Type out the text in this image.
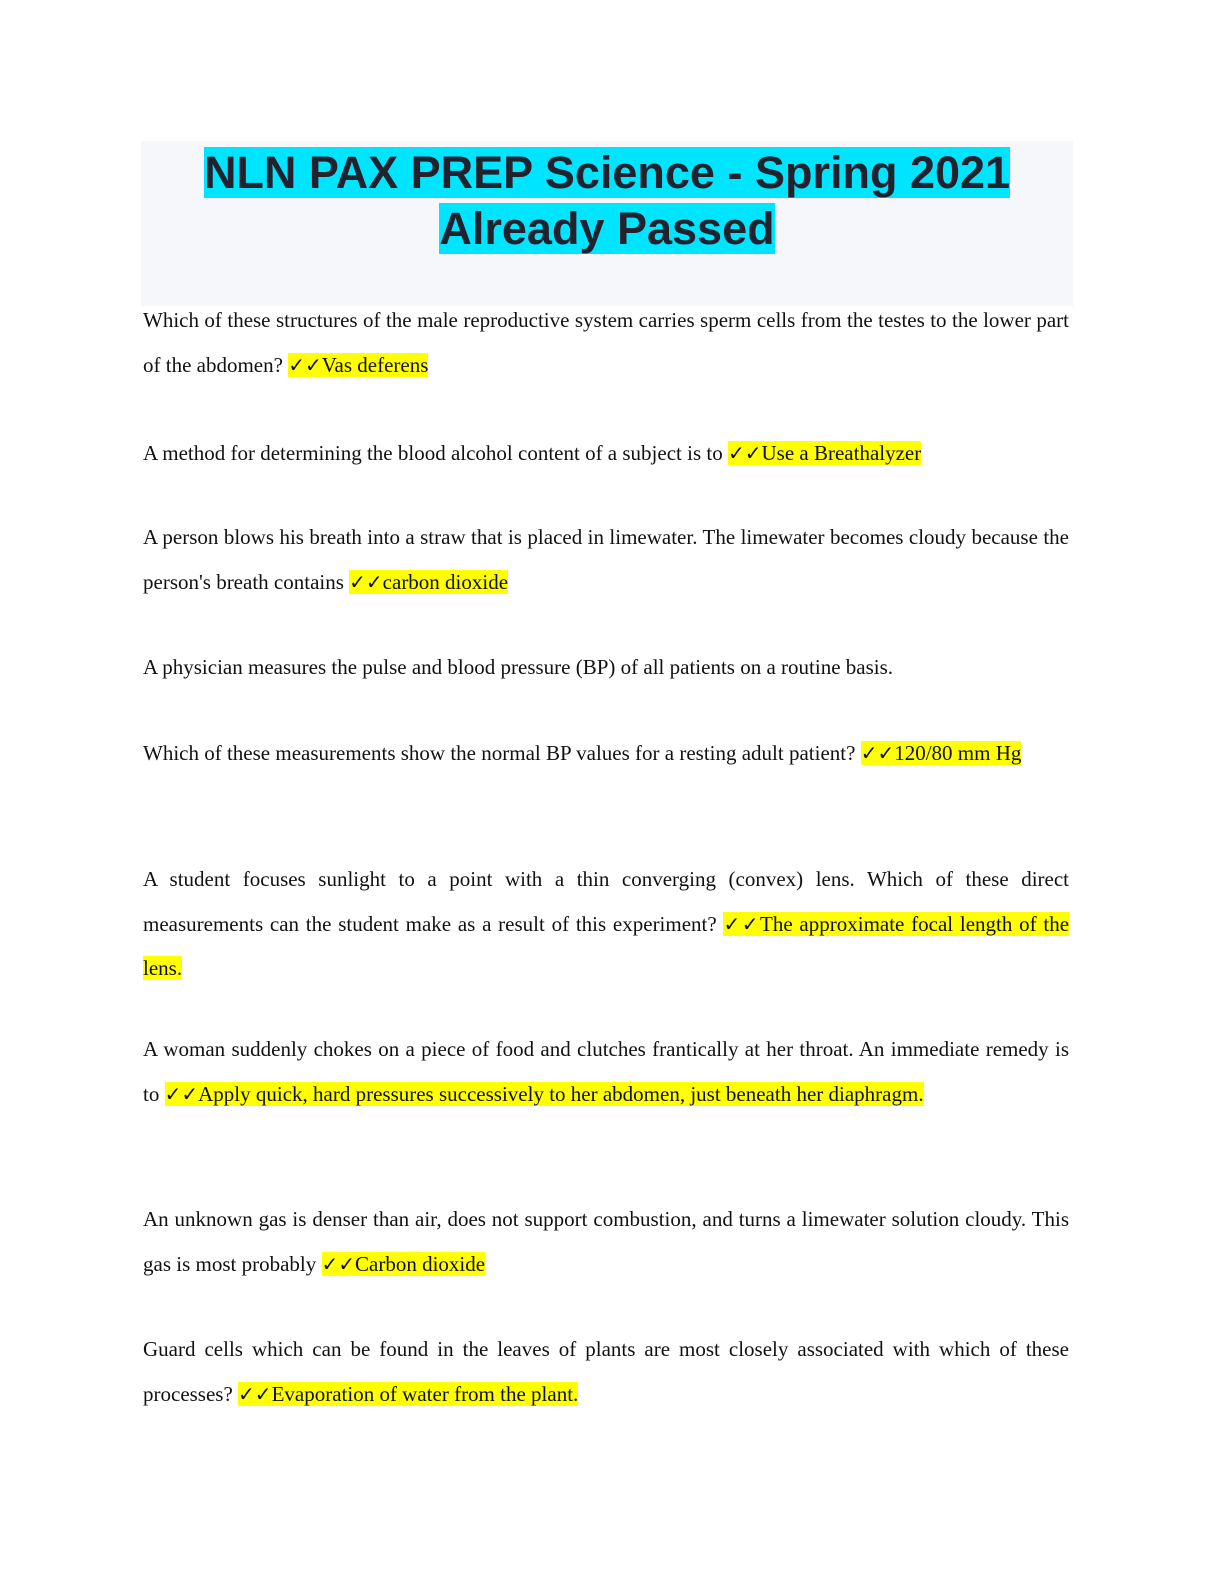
NLN PAX PREP Science - Spring 2021
Already Passed

Which of these structures of the male reproductive system carries sperm cells from the testes to the lower part of the abdomen? ✓✓Vas deferens

A method for determining the blood alcohol content of a subject is to ✓✓Use a Breathalyzer

A person blows his breath into a straw that is placed in limewater. The limewater becomes cloudy because the person's breath contains ✓✓carbon dioxide

A physician measures the pulse and blood pressure (BP) of all patients on a routine basis.

Which of these measurements show the normal BP values for a resting adult patient? ✓✓120/80 mm Hg

A student focuses sunlight to a point with a thin converging (convex) lens. Which of these direct measurements can the student make as a result of this experiment? ✓✓The approximate focal length of the lens.

A woman suddenly chokes on a piece of food and clutches frantically at her throat. An immediate remedy is to ✓✓Apply quick, hard pressures successively to her abdomen, just beneath her diaphragm.

An unknown gas is denser than air, does not support combustion, and turns a limewater solution cloudy. This gas is most probably ✓✓Carbon dioxide

Guard cells which can be found in the leaves of plants are most closely associated with which of these processes? ✓✓Evaporation of water from the plant.
